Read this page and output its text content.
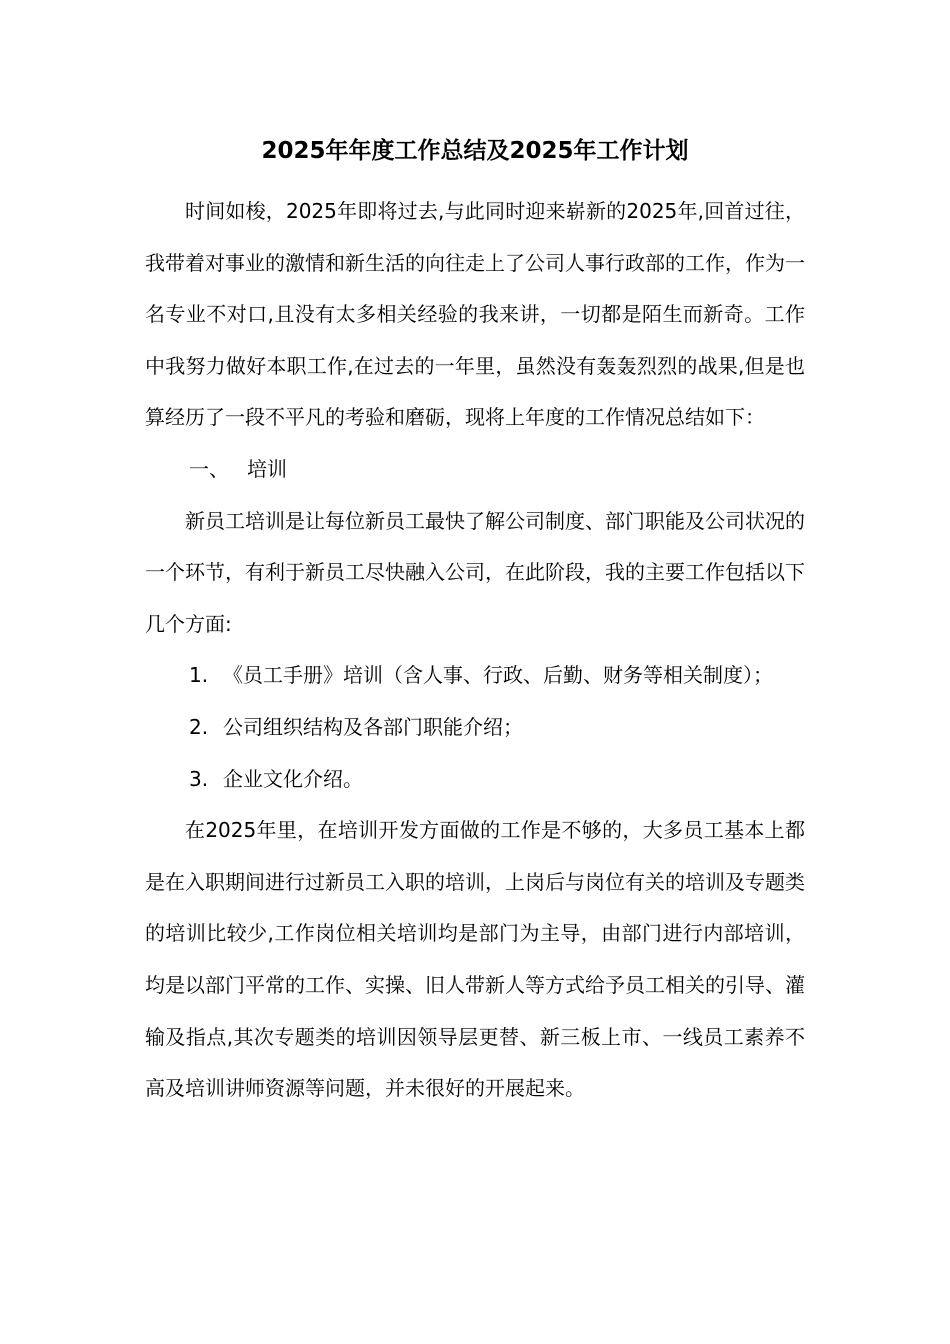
2025年年度工作总结及2025年工作计划

时间如梭，2025年即将过去,与此同时迎来崭新的2025年,回首过往，我带着对事业的激情和新生活的向往走上了公司人事行政部的工作，作为一名专业不对口,且没有太多相关经验的我来讲，一切都是陌生而新奇。工作中我努力做好本职工作,在过去的一年里，虽然没有轰轰烈烈的战果,但是也算经历了一段不平凡的考验和磨砺，现将上年度的工作情况总结如下：

一、 培训

新员工培训是让每位新员工最快了解公司制度、部门职能及公司状况的一个环节，有利于新员工尽快融入公司，在此阶段，我的主要工作包括以下几个方面:

1. 《员工手册》培训（含人事、行政、后勤、财务等相关制度）；
2. 公司组织结构及各部门职能介绍；
3. 企业文化介绍。

在2025年里，在培训开发方面做的工作是不够的，大多员工基本上都是在入职期间进行过新员工入职的培训，上岗后与岗位有关的培训及专题类的培训比较少,工作岗位相关培训均是部门为主导，由部门进行内部培训，均是以部门平常的工作、实操、旧人带新人等方式给予员工相关的引导、灌输及指点,其次专题类的培训因领导层更替、新三板上市、一线员工素养不高及培训讲师资源等问题，并未很好的开展起来。
